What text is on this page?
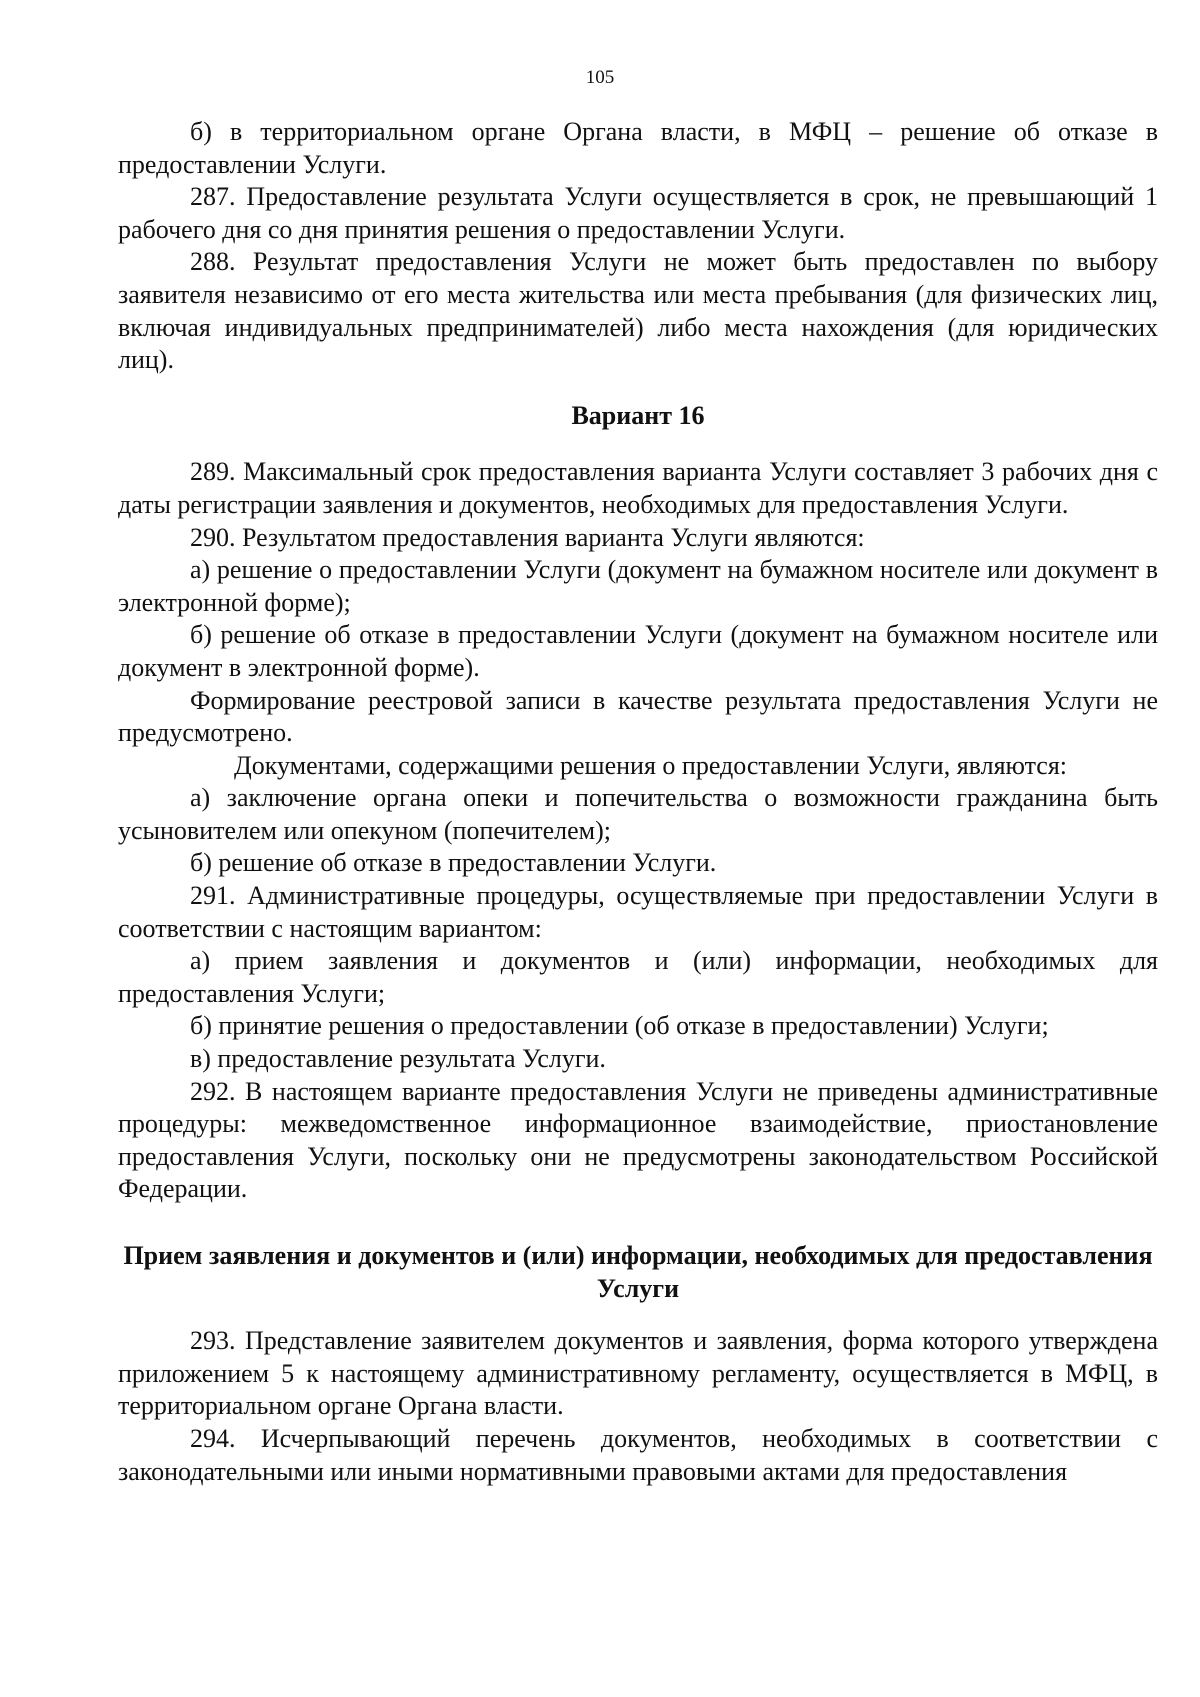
105

б) в территориальном органе Органа власти, в МФЦ – решение об отказе в предоставлении Услуги.

287. Предоставление результата Услуги осуществляется в срок, не превышающий 1 рабочего дня со дня принятия решения о предоставлении Услуги.

288. Результат предоставления Услуги не может быть предоставлен по выбору заявителя независимо от его места жительства или места пребывания (для физических лиц, включая индивидуальных предпринимателей) либо места нахождения (для юридических лиц).

Вариант 16

289. Максимальный срок предоставления варианта Услуги составляет 3 рабочих дня с даты регистрации заявления и документов, необходимых для предоставления Услуги.

290. Результатом предоставления варианта Услуги являются:

а) решение о предоставлении Услуги (документ на бумажном носителе или документ в электронной форме);

б) решение об отказе в предоставлении Услуги (документ на бумажном носителе или документ в электронной форме).

Формирование реестровой записи в качестве результата предоставления Услуги не предусмотрено.

Документами, содержащими решения о предоставлении Услуги, являются:

а) заключение органа опеки и попечительства о возможности гражданина быть усыновителем или опекуном (попечителем);

б) решение об отказе в предоставлении Услуги.

291. Административные процедуры, осуществляемые при предоставлении Услуги в соответствии с настоящим вариантом:

а) прием заявления и документов и (или) информации, необходимых для предоставления Услуги;

б) принятие решения о предоставлении (об отказе в предоставлении) Услуги;

в) предоставление результата Услуги.

292. В настоящем варианте предоставления Услуги не приведены административные процедуры: межведомственное информационное взаимодействие, приостановление предоставления Услуги, поскольку они не предусмотрены законодательством Российской Федерации.

Прием заявления и документов и (или) информации, необходимых для предоставления Услуги

293. Представление заявителем документов и заявления, форма которого утверждена приложением 5 к настоящему административному регламенту, осуществляется в МФЦ, в территориальном органе Органа власти.

294. Исчерпывающий перечень документов, необходимых в соответствии с законодательными или иными нормативными правовыми актами для предоставления
